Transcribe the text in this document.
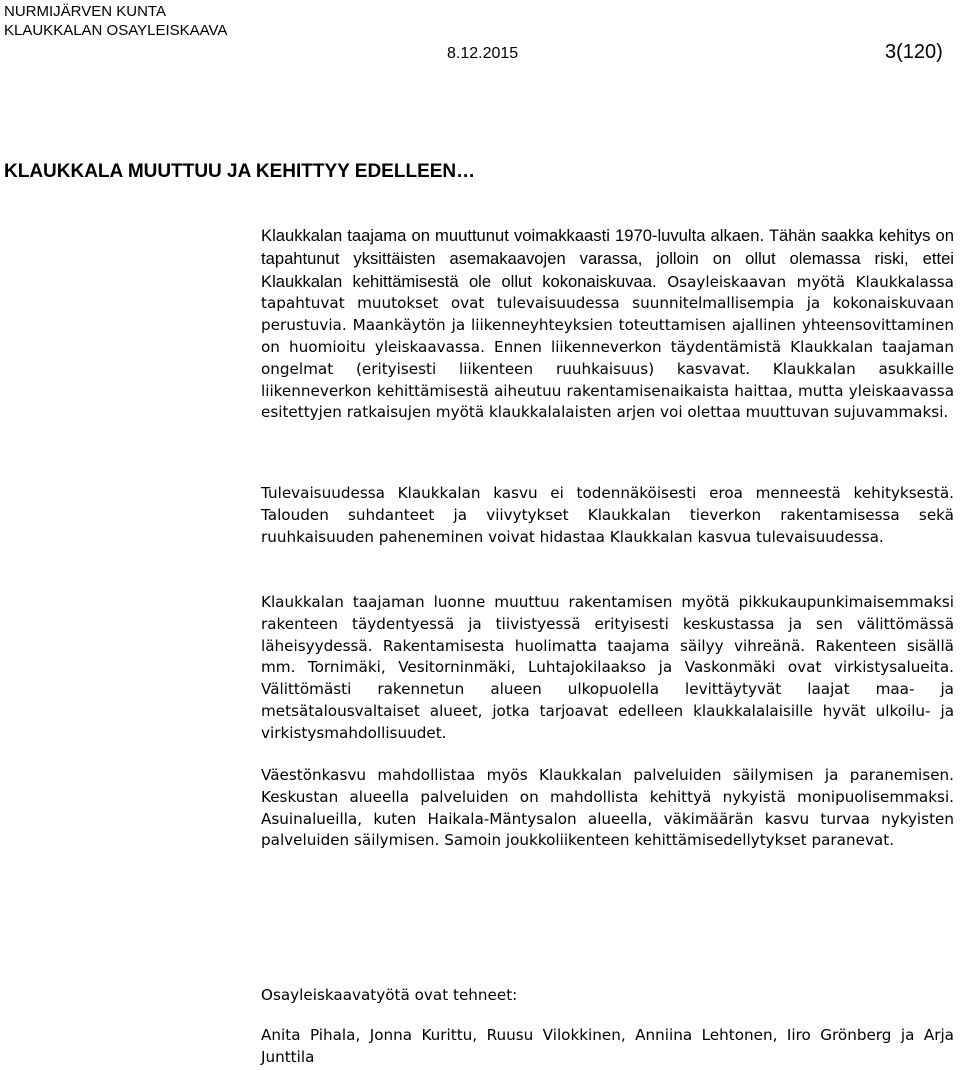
NURMIJÄRVEN KUNTA
KLAUKKALAN OSAYLEISKAAVA
8.12.2015	3(120)
KLAUKKALA MUUTTUU JA KEHITTYY EDELLEEN…

Klaukkalan taajama on muuttunut voimakkaasti 1970-luvulta alkaen. Tähän saakka kehitys on tapahtunut yksittäisten asemakaavojen varassa, jolloin on ollut olemassa riski, ettei Klaukkalan kehittämisestä ole ollut kokonaiskuvaa. Osayleiskaavan myötä Klaukkalassa tapahtuvat muutokset ovat tulevaisuudessa suunnitelmallisempia ja kokonaiskuvaan perustuvia. Maankäytön ja liikenneyhteyksien toteuttamisen ajallinen yhteensovittaminen on huomioitu yleiskaavassa. Ennen liikenneverkon täydentämistä Klaukkalan taajaman ongelmat (erityisesti liikenteen ruuhkaisuus) kasvavat. Klaukkalan asukkaille liikenneverkon kehittämisestä aiheutuu rakentamisenaikaista haittaa, mutta yleiskaavassa esitettyjen ratkaisujen myötä klaukkalalaisten arjen voi olettaa muuttuvan sujuvammaksi.

Tulevaisuudessa Klaukkalan kasvu ei todennäköisesti eroa menneestä kehityksestä. Talouden suhdanteet ja viivytykset Klaukkalan tieverkon rakentamisessa sekä ruuhkaisuuden paheneminen voivat hidastaa Klaukkalan kasvua tulevaisuudessa.

Klaukkalan taajaman luonne muuttuu rakentamisen myötä pikkukaupunkimaisemmaksi rakenteen täydentyessä ja tiivistyessä erityisesti keskustassa ja sen välittömässä läheisyydessä. Rakentamisesta huolimatta taajama säilyy vihreänä. Rakenteen sisällä mm. Tornimäki, Vesitorninmäki, Luhtajokilaakso ja Vaskonmäki ovat virkistysalueita. Välittömästi rakennetun alueen ulkopuolella levittäytyvät laajat maa- ja metsätalousvaltaiset alueet, jotka tarjoavat edelleen klaukkalalaisille hyvät ulkoilu- ja virkistysmahdollisuudet.

Väestönkasvu mahdollistaa myös Klaukkalan palveluiden säilymisen ja paranemisen. Keskustan alueella palveluiden on mahdollista kehittyä nykyistä monipuolisemmaksi. Asuinalueilla, kuten Haikala-Mäntysalon alueella, väkimäärän kasvu turvaa nykyisten palveluiden säilymisen. Samoin joukkoliikenteen kehittämisedellytykset paranevat.

Osayleiskaavatyötä ovat tehneet:

Anita Pihala, Jonna Kurittu, Ruusu Vilokkinen, Anniina Lehtonen, Iiro Grönberg ja Arja Junttila
